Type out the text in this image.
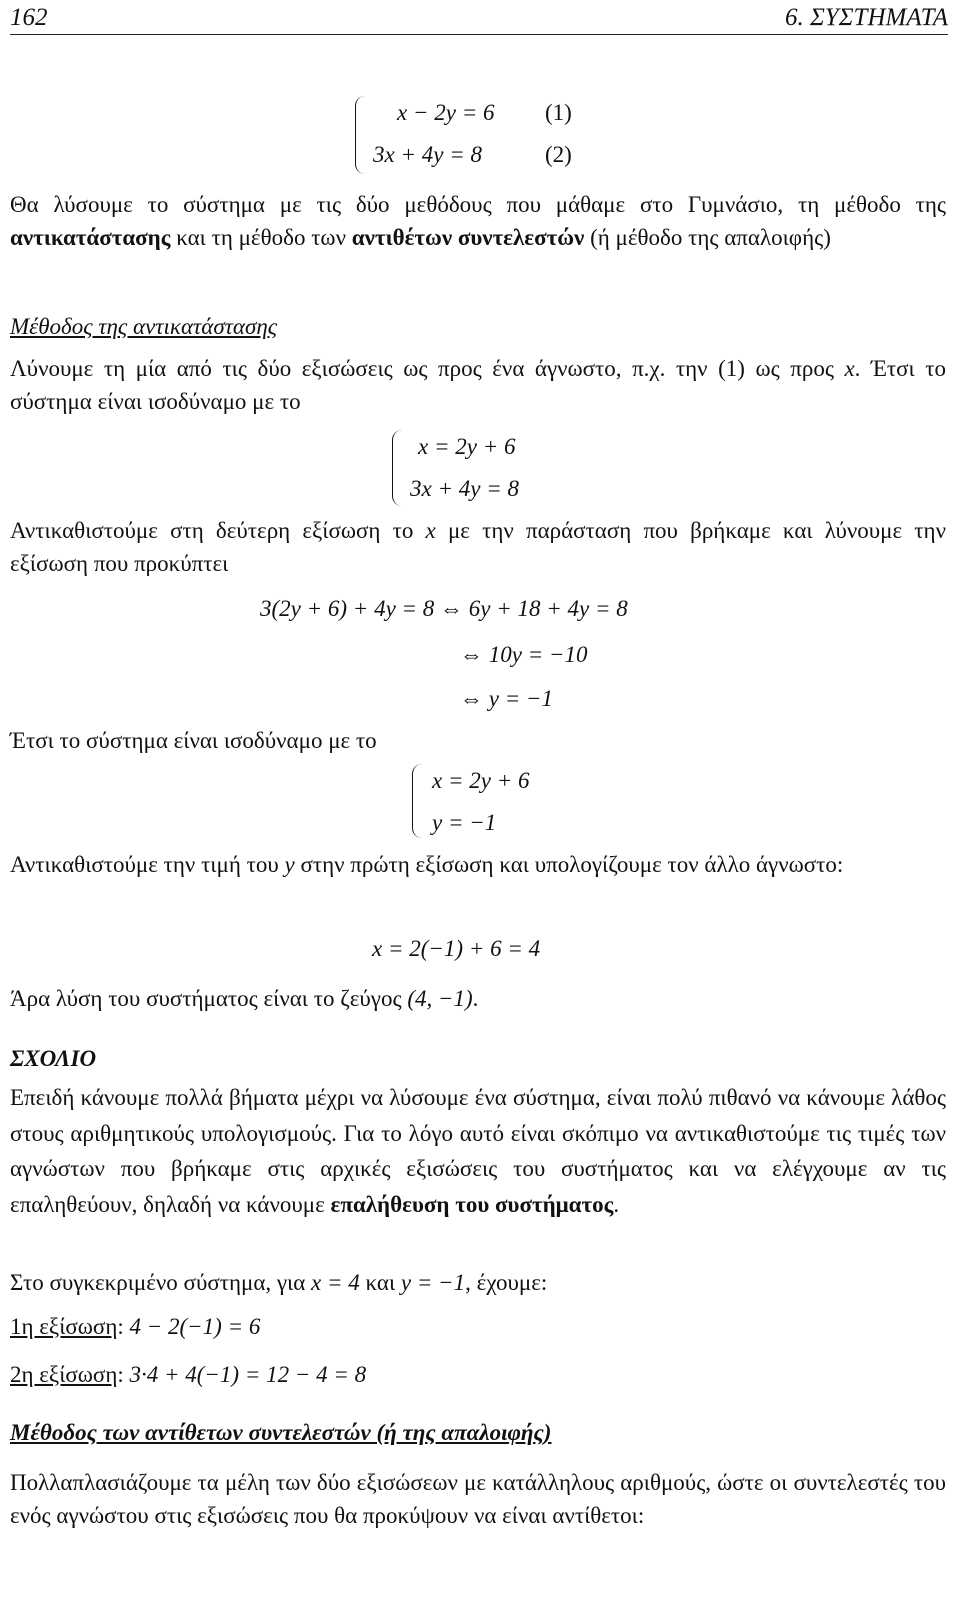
162	6. ΣΥΣΤΗΜΑΤΑ
x − 2y = 6
3x + 4y = 8
(1)
(2)

Θα λύσουμε το σύστημα με τις δύο μεθόδους που μάθαμε στο Γυμνάσιο, τη μέθοδο της αντικατάστασης και τη μέθοδο των αντιθέτων συντελεστών (ή μέθοδο της απαλοιφής)

Μέθοδος της αντικατάστασης

Λύνουμε τη μία από τις δύο εξισώσεις ως προς ένα άγνωστο, π.χ. την (1) ως προς x. Έτσι το σύστημα είναι ισοδύναμο με το

x = 2y + 6
3x + 4y = 8

Αντικαθιστούμε στη δεύτερη εξίσωση το x με την παράσταση που βρήκαμε και λύνουμε την εξίσωση που προκύπτει

3(2y + 6) + 4y = 8 ⇔ 6y + 18 + 4y = 8
⇔ 10y = −10
⇔ y = −1

Έτσι το σύστημα είναι ισοδύναμο με το

x = 2y + 6
y = −1

Αντικαθιστούμε την τιμή του y στην πρώτη εξίσωση και υπολογίζουμε τον άλλο άγνωστο:

x = 2(−1) + 6 = 4

Άρα λύση του συστήματος είναι το ζεύγος (4, −1).

ΣΧΟΛΙΟ

Επειδή κάνουμε πολλά βήματα μέχρι να λύσουμε ένα σύστημα, είναι πολύ πιθανό να κάνουμε λάθος στους αριθμητικούς υπολογισμούς. Για το λόγο αυτό είναι σκόπιμο να αντικαθιστούμε τις τιμές των αγνώστων που βρήκαμε στις αρχικές εξισώσεις του συστήματος και να ελέγχουμε αν τις επαληθεύουν, δηλαδή να κάνουμε επαλήθευση του συστήματος.

Στο συγκεκριμένο σύστημα, για x = 4 και y = −1, έχουμε:

1η εξίσωση: 4 − 2(−1) = 6
2η εξίσωση: 3·4 + 4(−1) = 12 − 4 = 8
Μέθοδος των αντίθετων συντελεστών (ή της απαλοιφής)

Πολλαπλασιάζουμε τα μέλη των δύο εξισώσεων με κατάλληλους αριθμούς, ώστε οι συντελεστές του ενός αγνώστου στις εξισώσεις που θα προκύψουν να είναι αντίθετοι:
